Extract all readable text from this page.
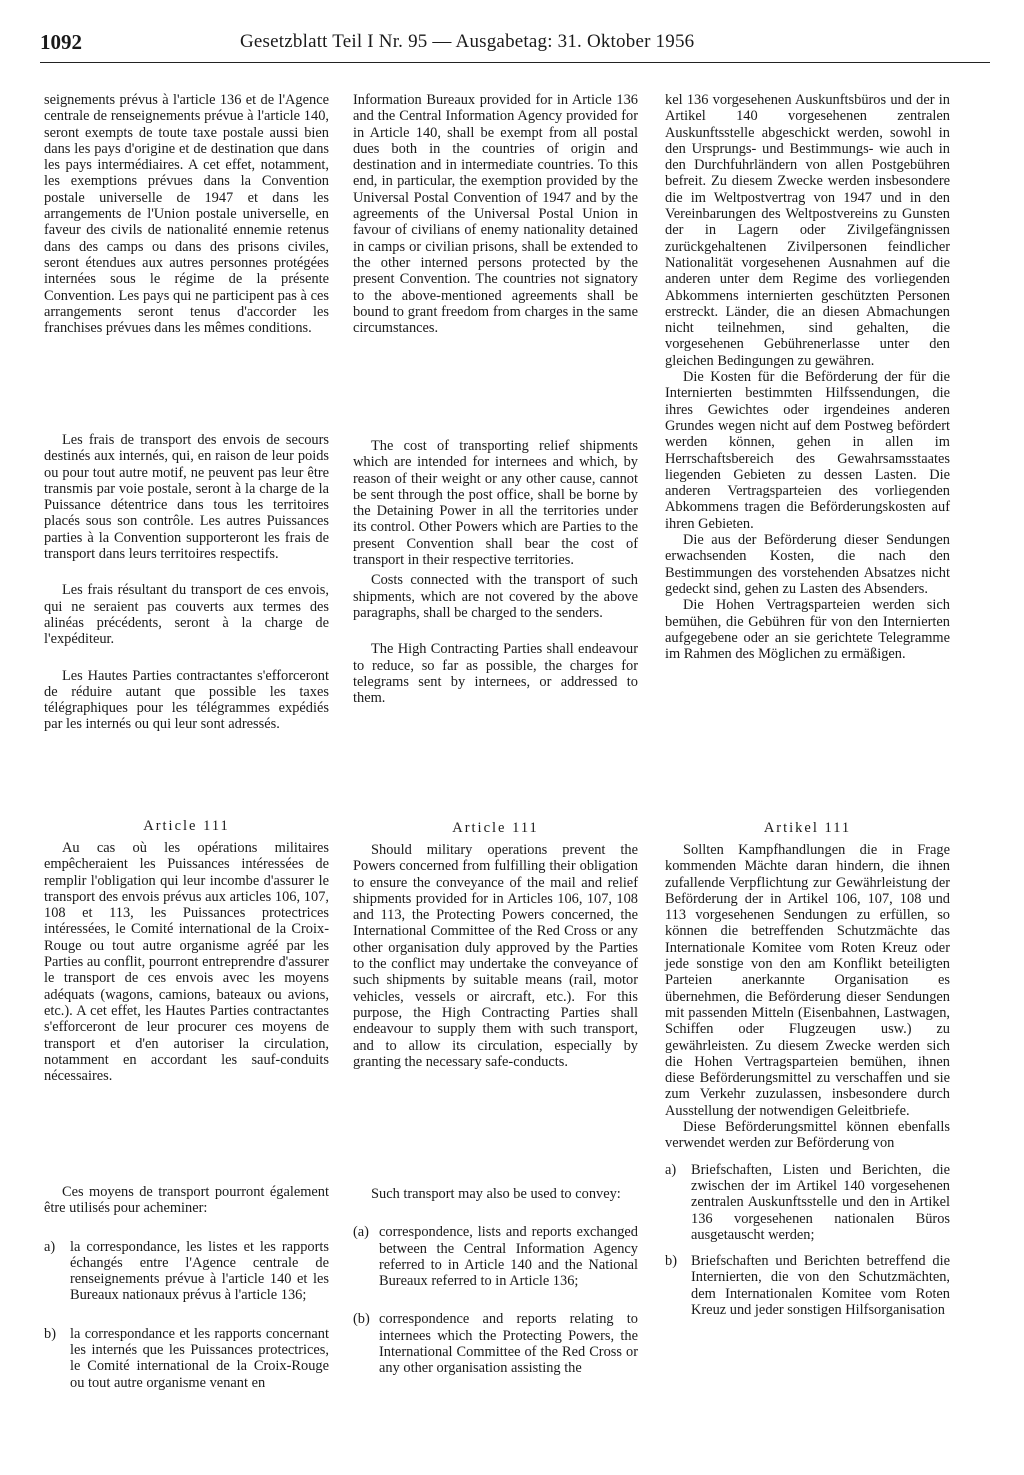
1092	Gesetzblatt Teil I Nr. 95 — Ausgabetag: 31. Oktober 1956

seignements prévus à l'article 136 et de l'Agence centrale de renseignements prévue à l'article 140, seront exempts de toute taxe postale aussi bien dans les pays d'origine et de destination que dans les pays intermédiaires. A cet effet, notamment, les exemptions prévues dans la Convention postale universelle de 1947 et dans les arrangements de l'Union postale universelle, en faveur des civils de nationalité ennemie retenus dans des camps ou dans des prisons civiles, seront étendues aux autres personnes protégées internées sous le régime de la présente Convention. Les pays qui ne participent pas à ces arrangements seront tenus d'accorder les franchises prévues dans les mêmes conditions.

Les frais de transport des envois de secours destinés aux internés, qui, en raison de leur poids ou pour tout autre motif, ne peuvent pas leur être transmis par voie postale, seront à la charge de la Puissance détentrice dans tous les territoires placés sous son contrôle. Les autres Puissances parties à la Convention supporteront les frais de transport dans leurs territoires respectifs.

Les frais résultant du transport de ces envois, qui ne seraient pas couverts aux termes des alinéas précédents, seront à la charge de l'expéditeur.

Les Hautes Parties contractantes s'efforceront de réduire autant que possible les taxes télégraphiques pour les télégrammes expédiés par les internés ou qui leur sont adressés.

Article 111

Au cas où les opérations militaires empêcheraient les Puissances intéressées de remplir l'obligation qui leur incombe d'assurer le transport des envois prévus aux articles 106, 107, 108 et 113, les Puissances protectrices intéressées, le Comité international de la Croix-Rouge ou tout autre organisme agréé par les Parties au conflit, pourront entreprendre d'assurer le transport de ces envois avec les moyens adéquats (wagons, camions, bateaux ou avions, etc.). A cet effet, les Hautes Parties contractantes s'efforceront de leur procurer ces moyens de transport et d'en autoriser la circulation, notamment en accordant les sauf-conduits nécessaires.

Ces moyens de transport pourront également être utilisés pour acheminer:

a)	la correspondance, les listes et les rapports échangés entre l'Agence centrale de renseignements prévue à l'article 140 et les Bureaux nationaux prévus à l'article 136;
b) la correspondance et les rapports concernant les internés que les Puissances protectrices, le Comité international de la Croix-Rouge ou tout autre organisme venant en

Information Bureaux provided for in Article 136 and the Central Information Agency provided for in Article 140, shall be exempt from all postal dues both in the countries of origin and destination and in intermediate countries. To this end, in particular, the exemption provided by the Universal Postal Convention of 1947 and by the agreements of the Universal Postal Union in favour of civilians of enemy nationality detained in camps or civilian prisons, shall be extended to the other interned persons protected by the present Convention. The countries not signatory to the above-mentioned agreements shall be bound to grant freedom from charges in the same circumstances.

The cost of transporting relief shipments which are intended for internees and which, by reason of their weight or any other cause, cannot be sent through the post office, shall be borne by the Detaining Power in all the territories under its control. Other Powers which are Parties to the present Convention shall bear the cost of transport in their respective territories.

Costs connected with the transport of such shipments, which are not covered by the above paragraphs, shall be charged to the senders.

The High Contracting Parties shall endeavour to reduce, so far as possible, the charges for telegrams sent by internees, or addressed to them.

Article 111

Should military operations prevent the Powers concerned from fulfilling their obligation to ensure the conveyance of the mail and relief shipments provided for in Articles 106, 107, 108 and 113, the Protecting Powers concerned, the International Committee of the Red Cross or any other organisation duly approved by the Parties to the conflict may undertake the conveyance of such shipments by suitable means (rail, motor vehicles, vessels or aircraft, etc.). For this purpose, the High Contracting Parties shall endeavour to supply them with such transport, and to allow its circulation, especially by granting the necessary safe-conducts.

Such transport may also be used to convey:

(a) correspondence, lists and reports exchanged between the Central Information Agency referred to in Article 140 and the National Bureaux referred to in Article 136;
(b) correspondence and reports relating to internees which the Protecting Powers, the International Committee of the Red Cross or any other organisation assisting the

kel 136 vorgesehenen Auskunftsbüros und der in Artikel 140 vorgesehenen zentralen Auskunftsstelle abgeschickt werden, sowohl in den Ursprungs- und Bestimmungs- wie auch in den Durchfuhrländern von allen Postgebühren befreit. Zu diesem Zwecke werden insbesondere die im Weltpostvertrag von 1947 und in den Vereinbarungen des Weltpostvereins zu Gunsten der in Lagern oder Zivilgefängnissen zurückgehaltenen Zivilpersonen feindlicher Nationalität vorgesehenen Ausnahmen auf die anderen unter dem Regime des vorliegenden Abkommens internierten geschützten Personen erstreckt. Länder, die an diesen Abmachungen nicht teilnehmen, sind gehalten, die vorgesehenen Gebührenerlasse unter den gleichen Bedingungen zu gewähren.

Die Kosten für die Beförderung der für die Internierten bestimmten Hilfssendungen, die ihres Gewichtes oder irgendeines anderen Grundes wegen nicht auf dem Postweg befördert werden können, gehen in allen im Herrschaftsbereich des Gewahrsamsstaates liegenden Gebieten zu dessen Lasten. Die anderen Vertragsparteien des vorliegenden Abkommens tragen die Beförderungskosten auf ihren Gebieten.

Die aus der Beförderung dieser Sendungen erwachsenden Kosten, die nach den Bestimmungen des vorstehenden Absatzes nicht gedeckt sind, gehen zu Lasten des Absenders.

Die Hohen Vertragsparteien werden sich bemühen, die Gebühren für von den Internierten aufgegebene oder an sie gerichtete Telegramme im Rahmen des Möglichen zu ermäßigen.

Artikel 111

Sollten Kampfhandlungen die in Frage kommenden Mächte daran hindern, die ihnen zufallende Verpflichtung zur Gewährleistung der Beförderung der in Artikel 106, 107, 108 und 113 vorgesehenen Sendungen zu erfüllen, so können die betreffenden Schutzmächte das Internationale Komitee vom Roten Kreuz oder jede sonstige von den am Konflikt beteiligten Parteien anerkannte Organisation es übernehmen, die Beförderung dieser Sendungen mit passenden Mitteln (Eisenbahnen, Lastwagen, Schiffen oder Flugzeugen usw.) zu gewährleisten. Zu diesem Zwecke werden sich die Hohen Vertragsparteien bemühen, ihnen diese Beförderungsmittel zu verschaffen und sie zum Verkehr zuzulassen, insbesondere durch Ausstellung der notwendigen Geleitbriefe.

Diese Beförderungsmittel können ebenfalls verwendet werden zur Beförderung von

a)	Briefschaften, Listen und Berichten, die zwischen der im Artikel 140 vorgesehenen zentralen Auskunftsstelle und den in Artikel 136 vorgesehenen nationalen Büros ausgetauscht werden;
b) Briefschaften und Berichten betreffend die Internierten, die von den Schutzmächten, dem Internationalen Komitee vom Roten Kreuz und jeder sonstigen Hilfsorganisation
